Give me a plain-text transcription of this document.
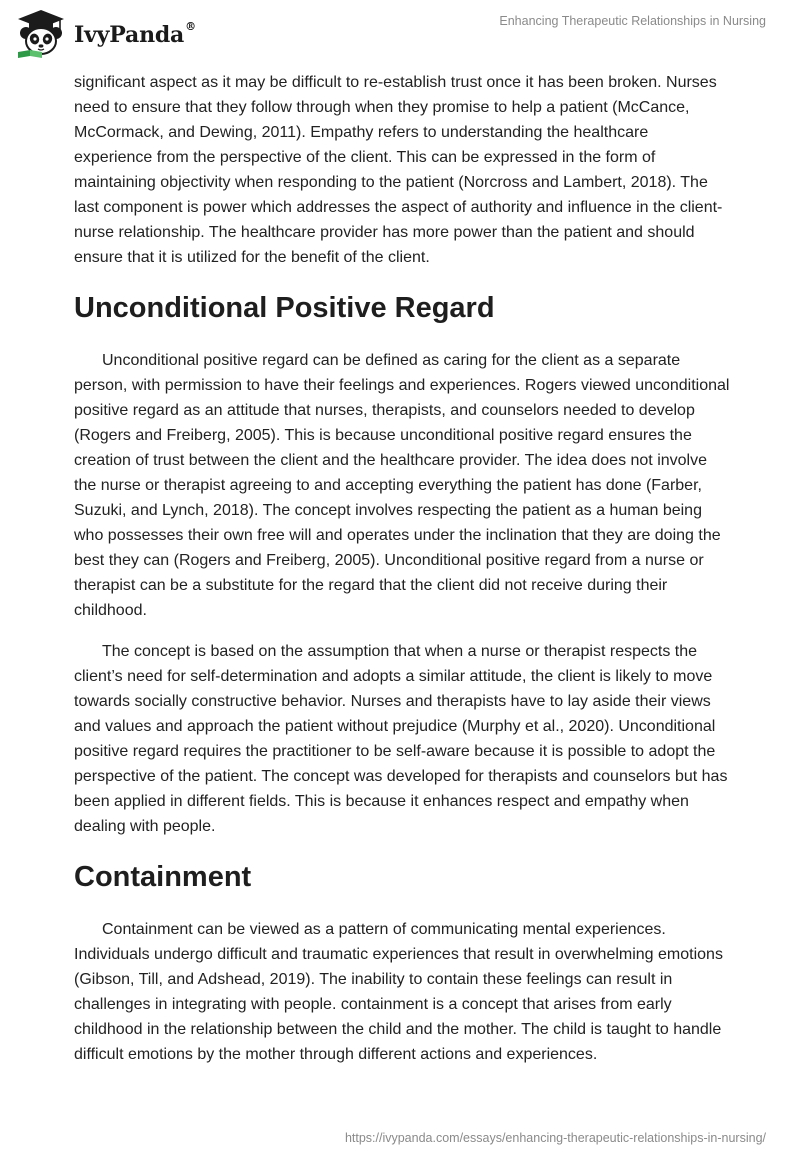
IvyPanda®	Enhancing Therapeutic Relationships in Nursing

significant aspect as it may be difficult to re-establish trust once it has been broken. Nurses need to ensure that they follow through when they promise to help a patient (McCance, McCormack, and Dewing, 2011). Empathy refers to understanding the healthcare experience from the perspective of the client. This can be expressed in the form of maintaining objectivity when responding to the patient (Norcross and Lambert, 2018). The last component is power which addresses the aspect of authority and influence in the client-nurse relationship. The healthcare provider has more power than the patient and should ensure that it is utilized for the benefit of the client.

Unconditional Positive Regard

Unconditional positive regard can be defined as caring for the client as a separate person, with permission to have their feelings and experiences. Rogers viewed unconditional positive regard as an attitude that nurses, therapists, and counselors needed to develop (Rogers and Freiberg, 2005). This is because unconditional positive regard ensures the creation of trust between the client and the healthcare provider. The idea does not involve the nurse or therapist agreeing to and accepting everything the patient has done (Farber, Suzuki, and Lynch, 2018). The concept involves respecting the patient as a human being who possesses their own free will and operates under the inclination that they are doing the best they can (Rogers and Freiberg, 2005). Unconditional positive regard from a nurse or therapist can be a substitute for the regard that the client did not receive during their childhood.

The concept is based on the assumption that when a nurse or therapist respects the client’s need for self-determination and adopts a similar attitude, the client is likely to move towards socially constructive behavior. Nurses and therapists have to lay aside their views and values and approach the patient without prejudice (Murphy et al., 2020). Unconditional positive regard requires the practitioner to be self-aware because it is possible to adopt the perspective of the patient. The concept was developed for therapists and counselors but has been applied in different fields. This is because it enhances respect and empathy when dealing with people.

Containment

Containment can be viewed as a pattern of communicating mental experiences. Individuals undergo difficult and traumatic experiences that result in overwhelming emotions (Gibson, Till, and Adshead, 2019). The inability to contain these feelings can result in challenges in integrating with people. containment is a concept that arises from early childhood in the relationship between the child and the mother. The child is taught to handle difficult emotions by the mother through different actions and experiences.

https://ivypanda.com/essays/enhancing-therapeutic-relationships-in-nursing/
